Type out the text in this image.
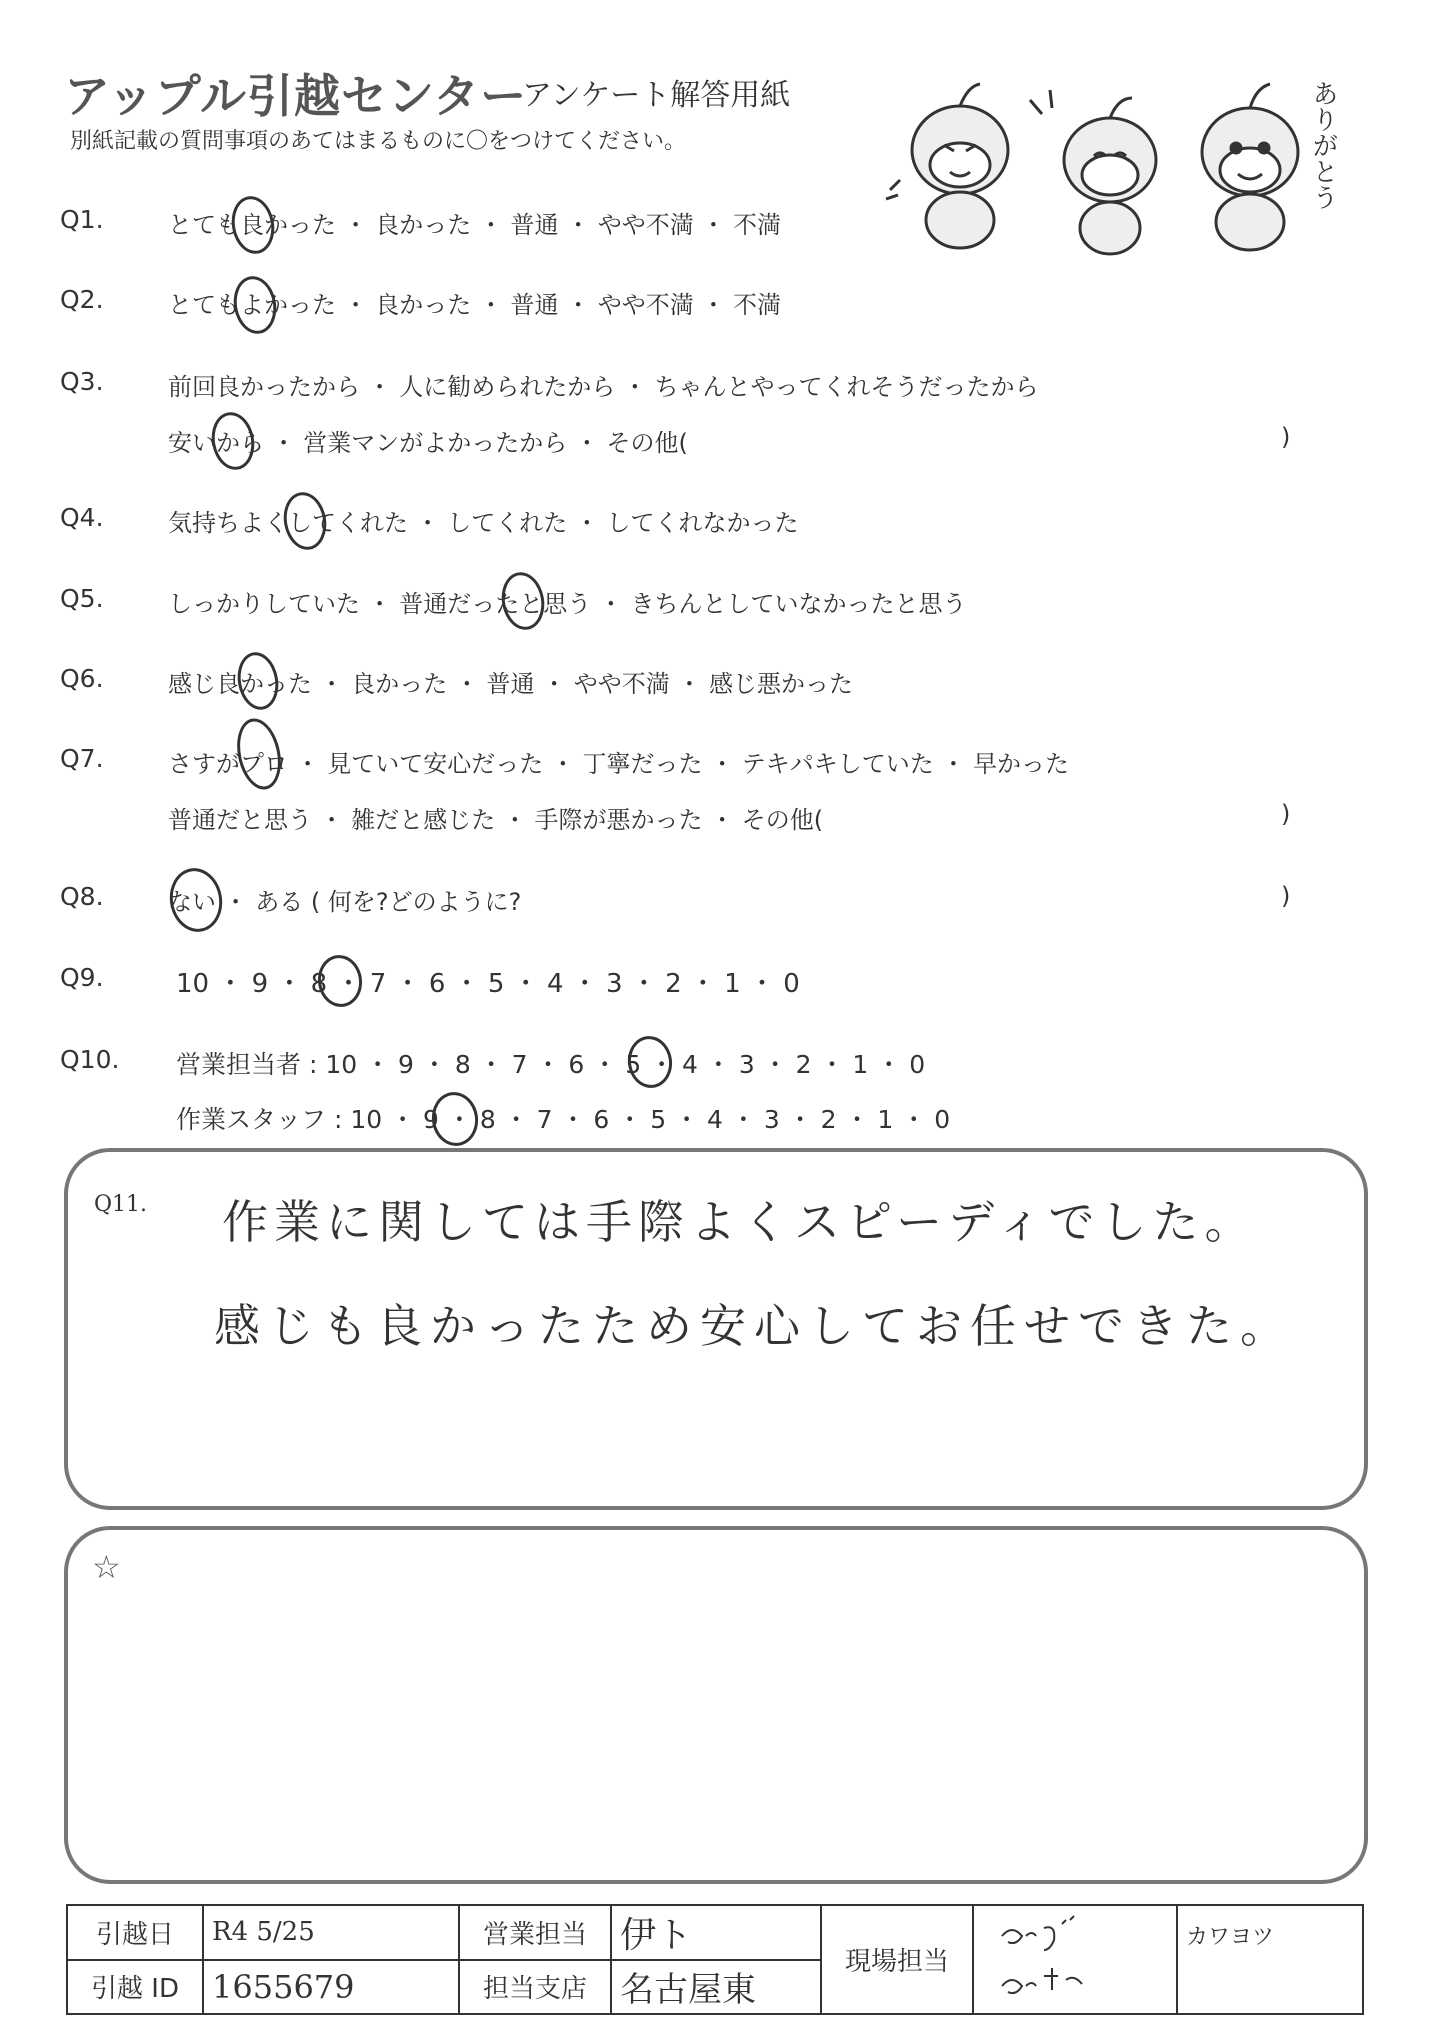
アップル引越センター
アンケート解答用紙
別紙記載の質問事項のあてはまるものに〇をつけてください。	ありがとう
Q1.	とても良かった ・ 良かった ・ 普通 ・ やや不満 ・ 不満
Q2.	とてもよかった ・ 良かった ・ 普通 ・ やや不満 ・ 不満
Q3.	前回良かったから ・ 人に勧められたから ・ ちゃんとやってくれそうだったから
安いから ・ 営業マンがよかったから ・ その他(	)
Q4.	気持ちよくしてくれた ・ してくれた ・ してくれなかった
Q5.	しっかりしていた ・ 普通だったと思う ・ きちんとしていなかったと思う
Q6.	感じ良かった ・ 良かった ・ 普通 ・ やや不満 ・ 感じ悪かった
Q7.	さすがプロ ・ 見ていて安心だった ・ 丁寧だった ・ テキパキしていた ・ 早かった
普通だと思う ・ 雑だと感じた ・ 手際が悪かった ・ その他(	)
Q8.	ない ・ ある ( 何を?どのように?	)
Q9.	10 ・ 9 ・ 8 ・ 7 ・ 6 ・ 5 ・ 4 ・ 3 ・ 2 ・ 1 ・ 0
Q10. 営業担当者 : 10 ・ 9 ・ 8 ・ 7 ・ 6 ・ 5 ・ 4 ・ 3 ・ 2 ・ 1 ・ 0
作業スタッフ : 10 ・ 9 ・ 8 ・ 7 ・ 6 ・ 5 ・ 4 ・ 3 ・ 2 ・ 1 ・ 0
Q11. 作業に関しては手際よくスピーディでした。
感じも良かったため安心してお任せできた。
☆
引越日	R4 5/25	営業担当	伊ト	現場担当		カワヨツ
引越 ID	1655679	担当支店	名古屋東			
